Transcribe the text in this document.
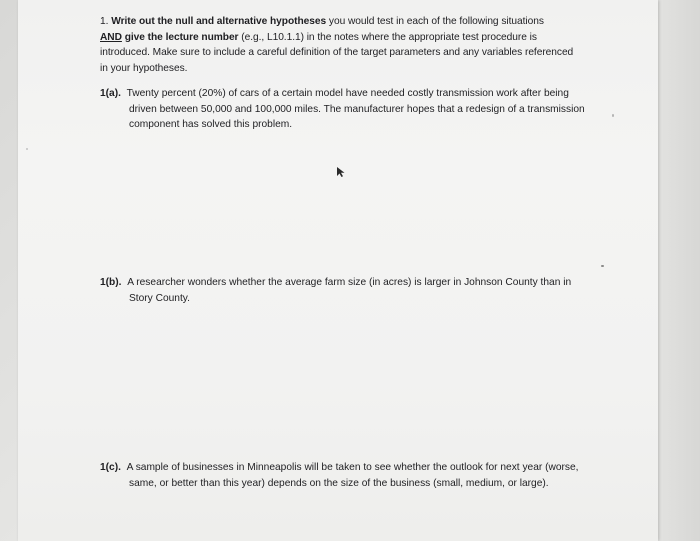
1. Write out the null and alternative hypotheses you would test in each of the following situations
AND give the lecture number (e.g., L10.1.1) in the notes where the appropriate test procedure is
introduced. Make sure to include a careful definition of the target parameters and any variables referenced
in your hypotheses.
1(a). Twenty percent (20%) of cars of a certain model have needed costly transmission work after being
driven between 50,000 and 100,000 miles. The manufacturer hopes that a redesign of a transmission
component has solved this problem.
1(b). A researcher wonders whether the average farm size (in acres) is larger in Johnson County than in
Story County.
1(c). A sample of businesses in Minneapolis will be taken to see whether the outlook for next year (worse,
same, or better than this year) depends on the size of the business (small, medium, or large).
